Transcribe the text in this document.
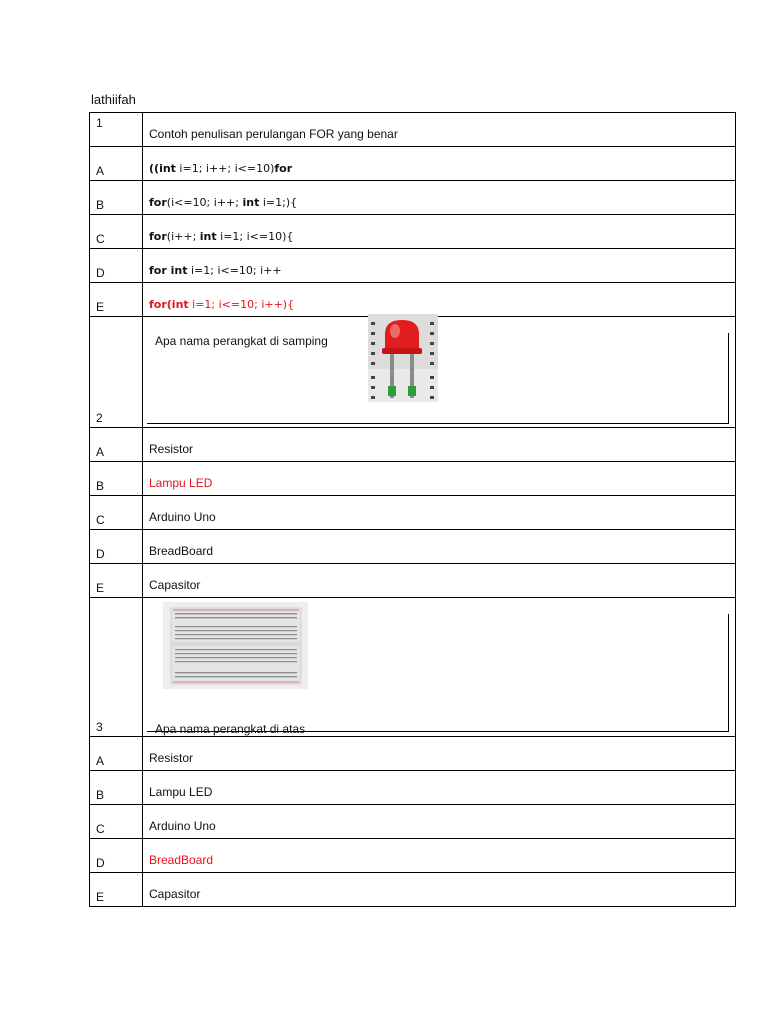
lathiifah
1	Contoh penulisan perulangan FOR yang benar
A	((int i=1; i++; i<=10)for
B	for(i<=10; i++; int i=1;){
C	for(i++; int i=1; i<=10){
D	for int i=1; i<=10; i++
E	for(int i=1; i<=10; i++){
2	Apa nama perangkat di samping

A	Resistor
B	Lampu LED
C	Arduino Uno
D	BreadBoard
E	Capasitor
3	Apa nama perangkat di atas

A	Resistor
B	Lampu LED
C	Arduino Uno
D	BreadBoard
E	Capasitor
